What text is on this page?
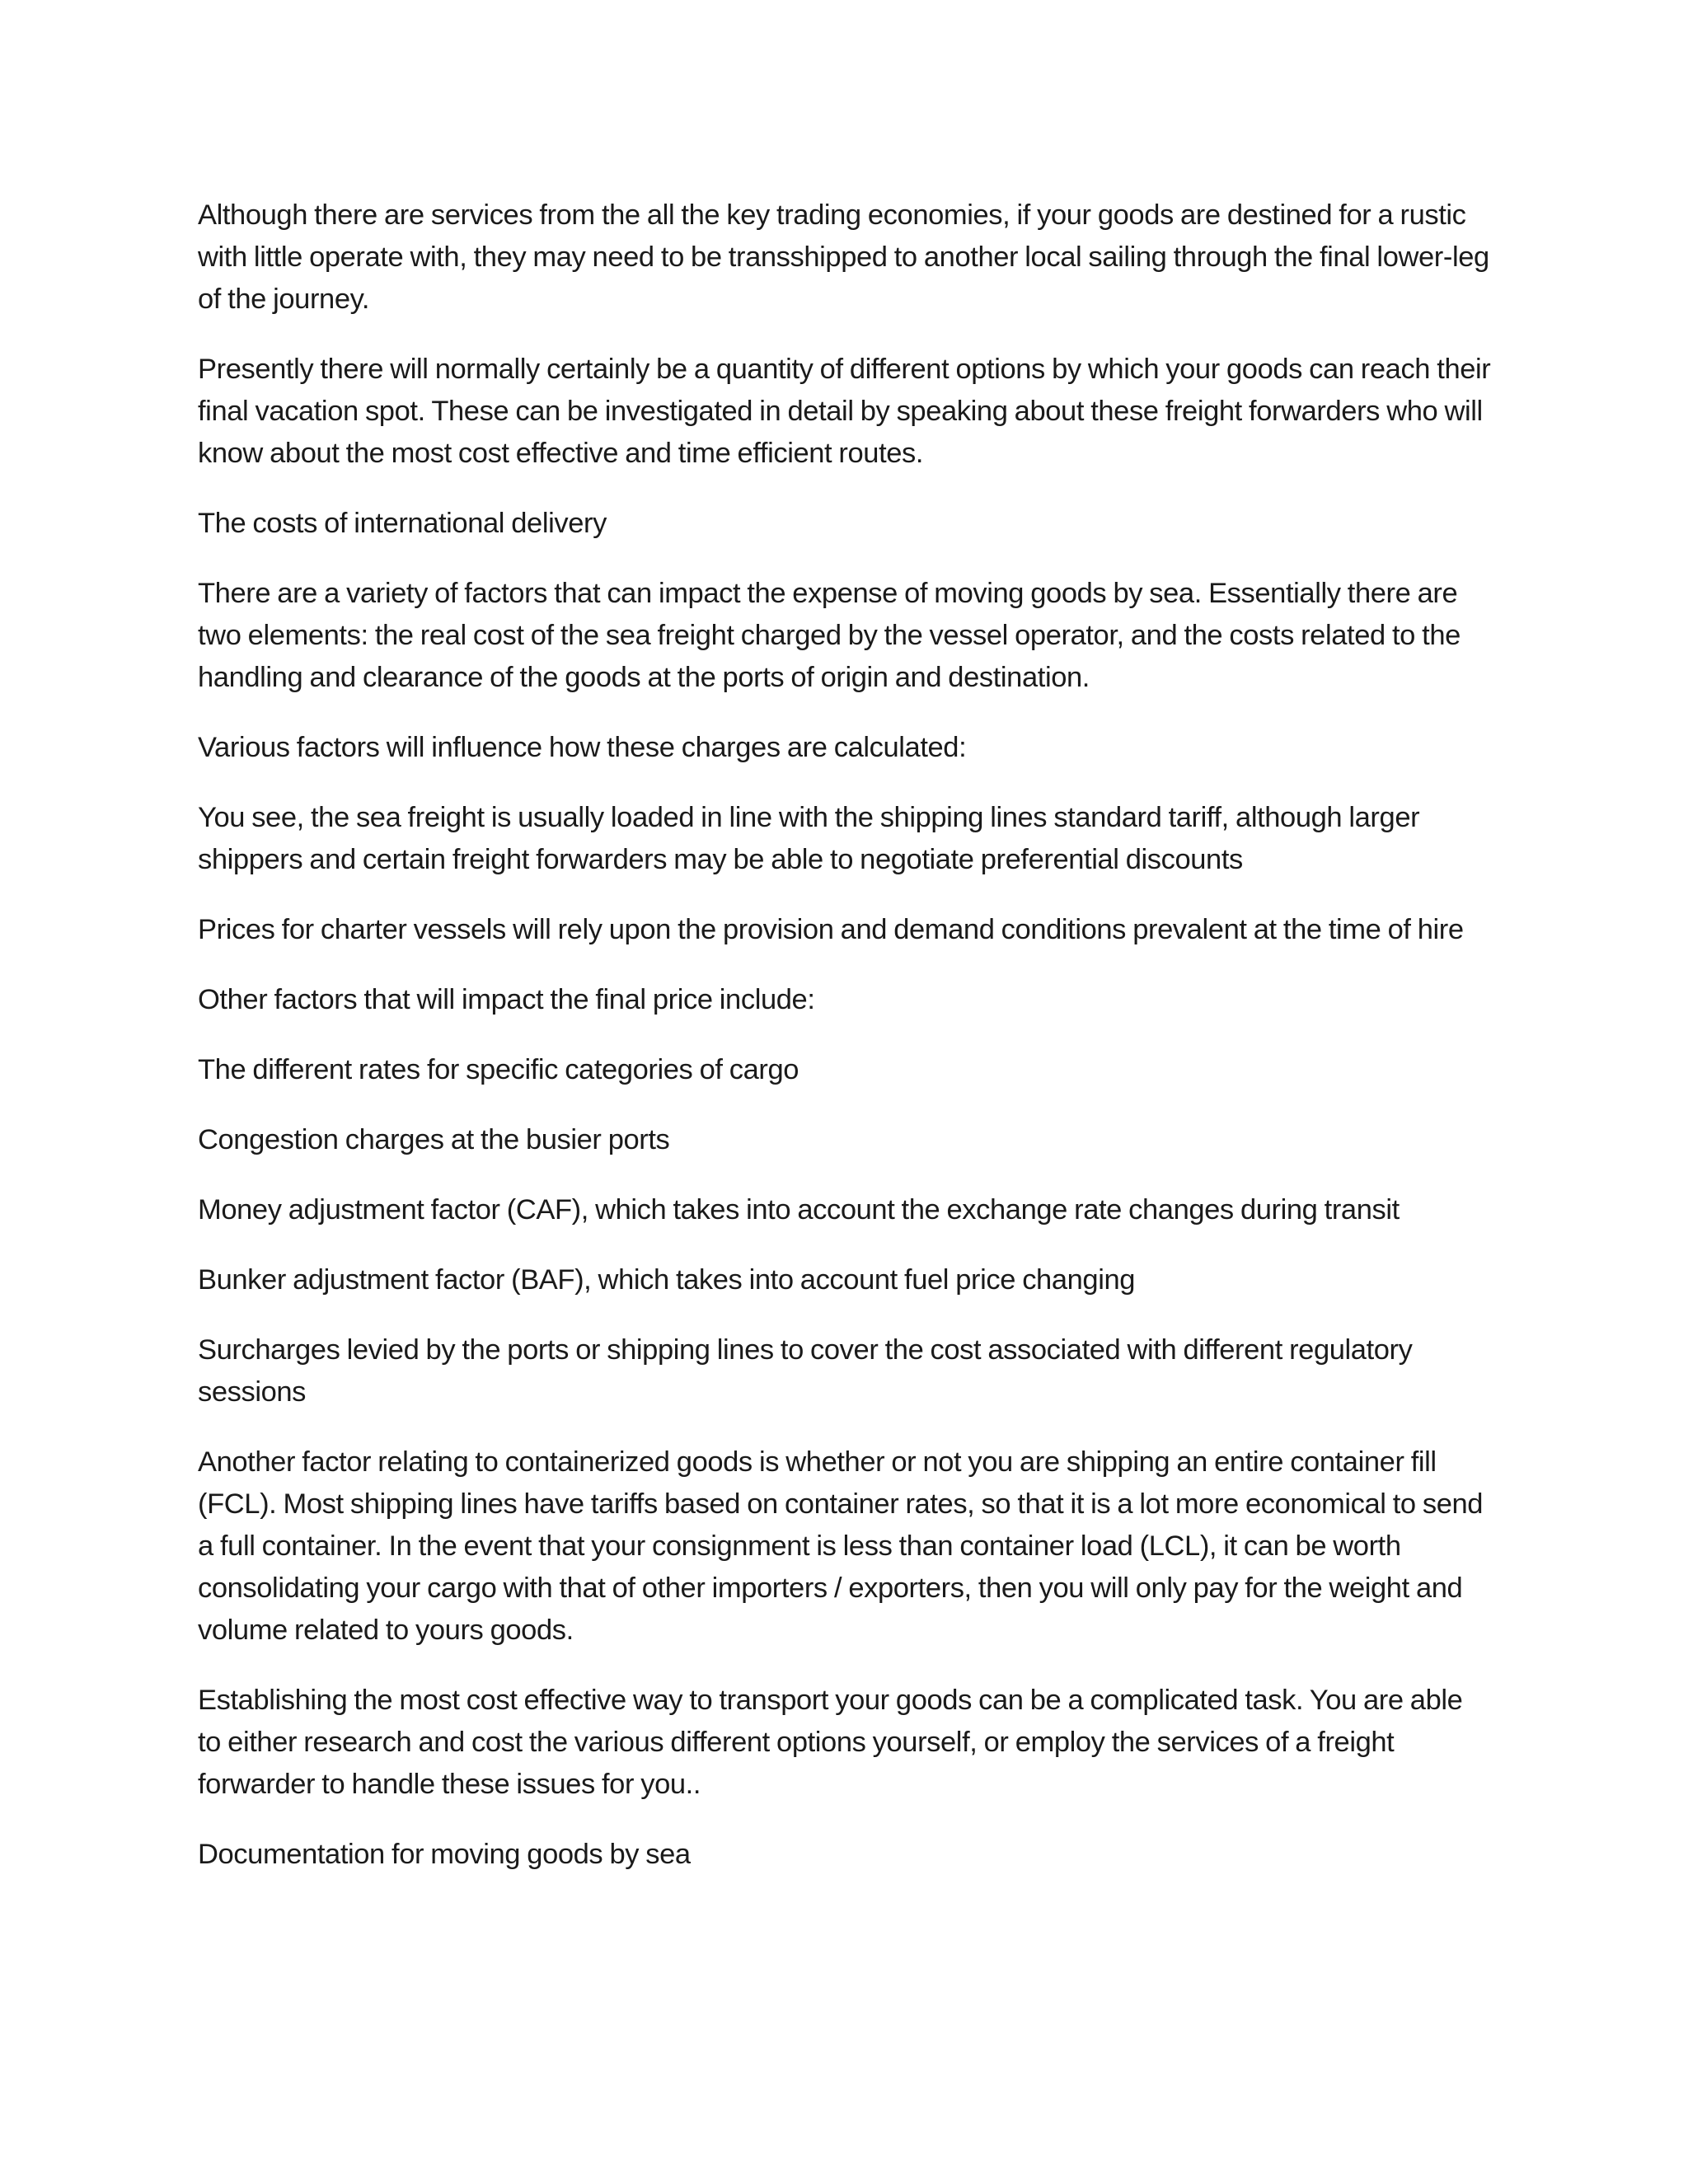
Although there are services from the all the key trading economies, if your goods are destined for a rustic with little operate with, they may need to be transshipped to another local sailing through the final lower-leg of the journey.

Presently there will normally certainly be a quantity of different options by which your goods can reach their final vacation spot. These can be investigated in detail by speaking about these freight forwarders who will know about the most cost effective and time efficient routes.

The costs of international delivery

There are a variety of factors that can impact the expense of moving goods by sea. Essentially there are two elements: the real cost of the sea freight charged by the vessel operator, and the costs related to the handling and clearance of the goods at the ports of origin and destination.

Various factors will influence how these charges are calculated:

You see, the sea freight is usually loaded in line with the shipping lines standard tariff, although larger shippers and certain freight forwarders may be able to negotiate preferential discounts

Prices for charter vessels will rely upon the provision and demand conditions prevalent at the time of hire

Other factors that will impact the final price include:

The different rates for specific categories of cargo

Congestion charges at the busier ports

Money adjustment factor (CAF), which takes into account the exchange rate changes during transit

Bunker adjustment factor (BAF), which takes into account fuel price changing

Surcharges levied by the ports or shipping lines to cover the cost associated with different regulatory sessions

Another factor relating to containerized goods is whether or not you are shipping an entire container fill (FCL). Most shipping lines have tariffs based on container rates, so that it is a lot more economical to send a full container. In the event that your consignment is less than container load (LCL), it can be worth consolidating your cargo with that of other importers / exporters, then you will only pay for the weight and volume related to yours goods.

Establishing the most cost effective way to transport your goods can be a complicated task. You are able to either research and cost the various different options yourself, or employ the services of a freight forwarder to handle these issues for you..

Documentation for moving goods by sea
